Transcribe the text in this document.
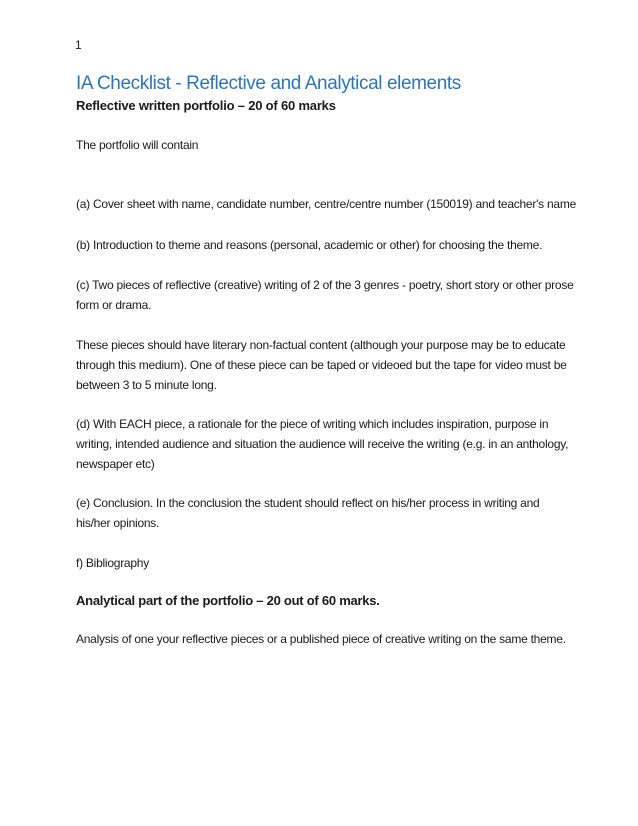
1
IA Checklist - Reflective and Analytical elements

Reflective written portfolio – 20 of 60 marks

The portfolio will contain

(a) Cover sheet with name, candidate number, centre/centre number (150019) and teacher's name

(b) Introduction to theme and reasons (personal, academic or other) for choosing the theme.

(c) Two pieces of reflective (creative) writing of 2 of the 3 genres - poetry, short story or other prose form or drama.

These pieces should have literary non-factual content (although your purpose may be to educate through this medium). One of these piece can be taped or videoed but the tape for video must be between 3 to 5 minute long.

(d) With EACH piece, a rationale for the piece of writing which includes inspiration, purpose in writing, intended audience and situation the audience will receive the writing (e.g. in an anthology, newspaper etc)

(e) Conclusion. In the conclusion the student should reflect on his/her process in writing and his/her opinions.

f) Bibliography

Analytical part of the portfolio – 20 out of 60 marks.

Analysis of one your reflective pieces or a published piece of creative writing on the same theme.
